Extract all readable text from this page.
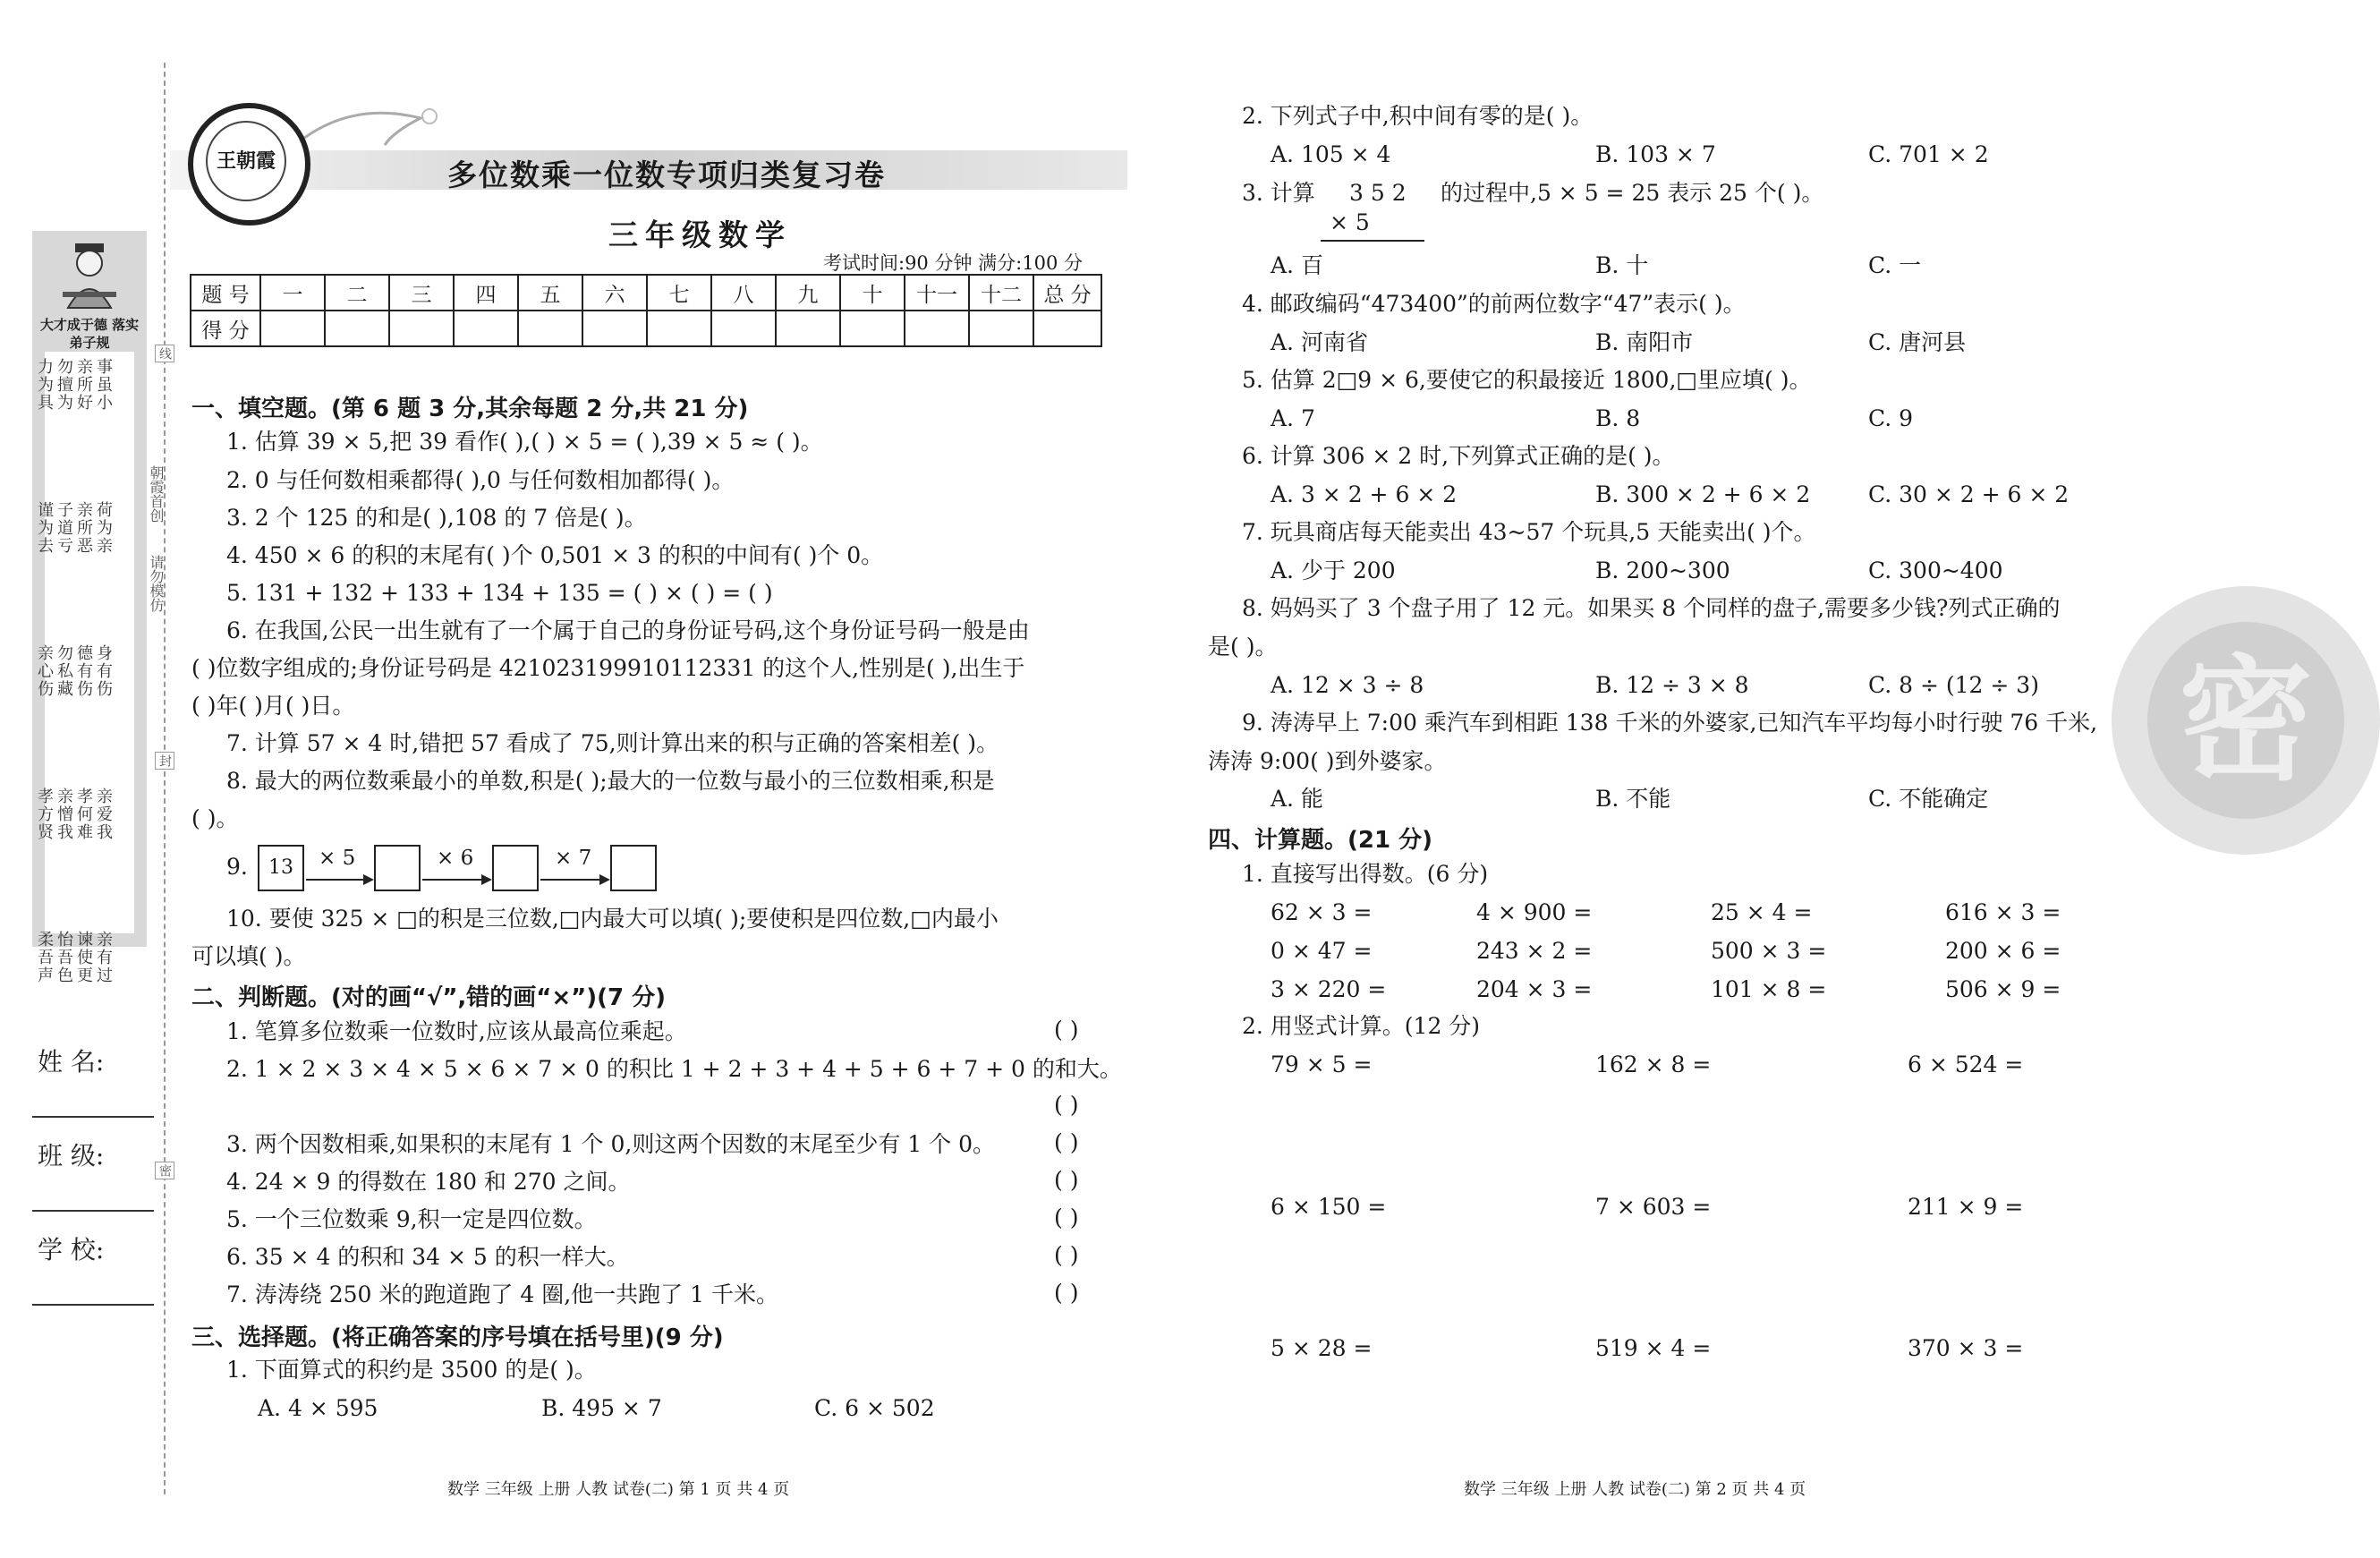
大才成于德 落实弟子规
事虽小
亲所好
勿擅为
力为具
荷为亲
亲所恶
子道亏
谨为去
身有伤
德有伤
勿私藏
亲心伤
亲爱我
孝何难
亲憎我
孝方贤
亲有过
谏使更
怡吾色
柔吾声
线
封
密
朝霞首创
请勿模仿
姓 名:
班 级:
学 校:
王朝霞	多位数乘一位数专项归类复习卷
三年级数学
考试时间:90 分钟 满分:100 分
题 号	一	二	三	四	五	六	七	八	九	十	十一	十二	总 分
得 分													
一、填空题。(第 6 题 3 分,其余每题 2 分,共 21 分)
1. 估算 39 × 5,把 39 看作( ),( ) × 5 = ( ),39 × 5 ≈ ( )。
2. 0 与任何数相乘都得( ),0 与任何数相加都得( )。
3. 2 个 125 的和是( ),108 的 7 倍是( )。
4. 450 × 6 的积的末尾有( )个 0,501 × 3 的积的中间有( )个 0。
5. 131 + 132 + 133 + 134 + 135 = ( ) × ( ) = ( )
6. 在我国,公民一出生就有了一个属于自己的身份证号码,这个身份证号码一般是由
( )位数字组成的;身份证号码是 421023199910112331 的这个人,性别是( ),出生于
( )年( )月( )日。
7. 计算 57 × 4 时,错把 57 看成了 75,则计算出来的积与正确的答案相差( )。
8. 最大的两位数乘最小的单数,积是( );最大的一位数与最小的三位数相乘,积是
( )。
9.	13	× 5	× 6	× 7
10. 要使 325 × □的积是三位数,□内最大可以填( );要使积是四位数,□内最小
可以填( )。
二、判断题。(对的画“√”,错的画“×”)(7 分)
1. 笔算多位数乘一位数时,应该从最高位乘起。	( )
2. 1 × 2 × 3 × 4 × 5 × 6 × 7 × 0 的积比 1 + 2 + 3 + 4 + 5 + 6 + 7 + 0 的和大。
( )
3. 两个因数相乘,如果积的末尾有 1 个 0,则这两个因数的末尾至少有 1 个 0。	( )
4. 24 × 9 的得数在 180 和 270 之间。	( )
5. 一个三位数乘 9,积一定是四位数。	( )
6. 35 × 4 的积和 34 × 5 的积一样大。	( )
7. 涛涛绕 250 米的跑道跑了 4 圈,他一共跑了 1 千米。	( )
三、选择题。(将正确答案的序号填在括号里)(9 分)
1. 下面算式的积约是 3500 的是( )。
A. 4 × 595	B. 495 × 7	C. 6 × 502
数学 三年级 上册 人教 试卷(二) 第 1 页 共 4 页
密
2. 下列式子中,积中间有零的是( )。
A. 105 × 4	B. 103 × 7	C. 701 × 2
3. 计算 3 5 2
× 5
的过程中,5 × 5 = 25 表示 25 个( )。
A. 百	B. 十	C. 一
4. 邮政编码“473400”的前两位数字“47”表示( )。
A. 河南省	B. 南阳市	C. 唐河县
5. 估算 2□9 × 6,要使它的积最接近 1800,□里应填( )。
A. 7	B. 8	C. 9
6. 计算 306 × 2 时,下列算式正确的是( )。
A. 3 × 2 + 6 × 2	B. 300 × 2 + 6 × 2	C. 30 × 2 + 6 × 2
7. 玩具商店每天能卖出 43~57 个玩具,5 天能卖出( )个。
A. 少于 200	B. 200~300	C. 300~400
8. 妈妈买了 3 个盘子用了 12 元。如果买 8 个同样的盘子,需要多少钱?列式正确的
是( )。
A. 12 × 3 ÷ 8	B. 12 ÷ 3 × 8	C. 8 ÷ (12 ÷ 3)
9. 涛涛早上 7:00 乘汽车到相距 138 千米的外婆家,已知汽车平均每小时行驶 76 千米,
涛涛 9:00( )到外婆家。
A. 能	B. 不能	C. 不能确定
四、计算题。(21 分)
1. 直接写出得数。(6 分)
62 × 3 =	4 × 900 =	25 × 4 =	616 × 3 =
0 × 47 =	243 × 2 =	500 × 3 =	200 × 6 =
3 × 220 =	204 × 3 =	101 × 8 =	506 × 9 =
2. 用竖式计算。(12 分)
79 × 5 =	162 × 8 =	6 × 524 =
6 × 150 =	7 × 603 =	211 × 9 =
5 × 28 =	519 × 4 =	370 × 3 =
数学 三年级 上册 人教 试卷(二) 第 2 页 共 4 页
